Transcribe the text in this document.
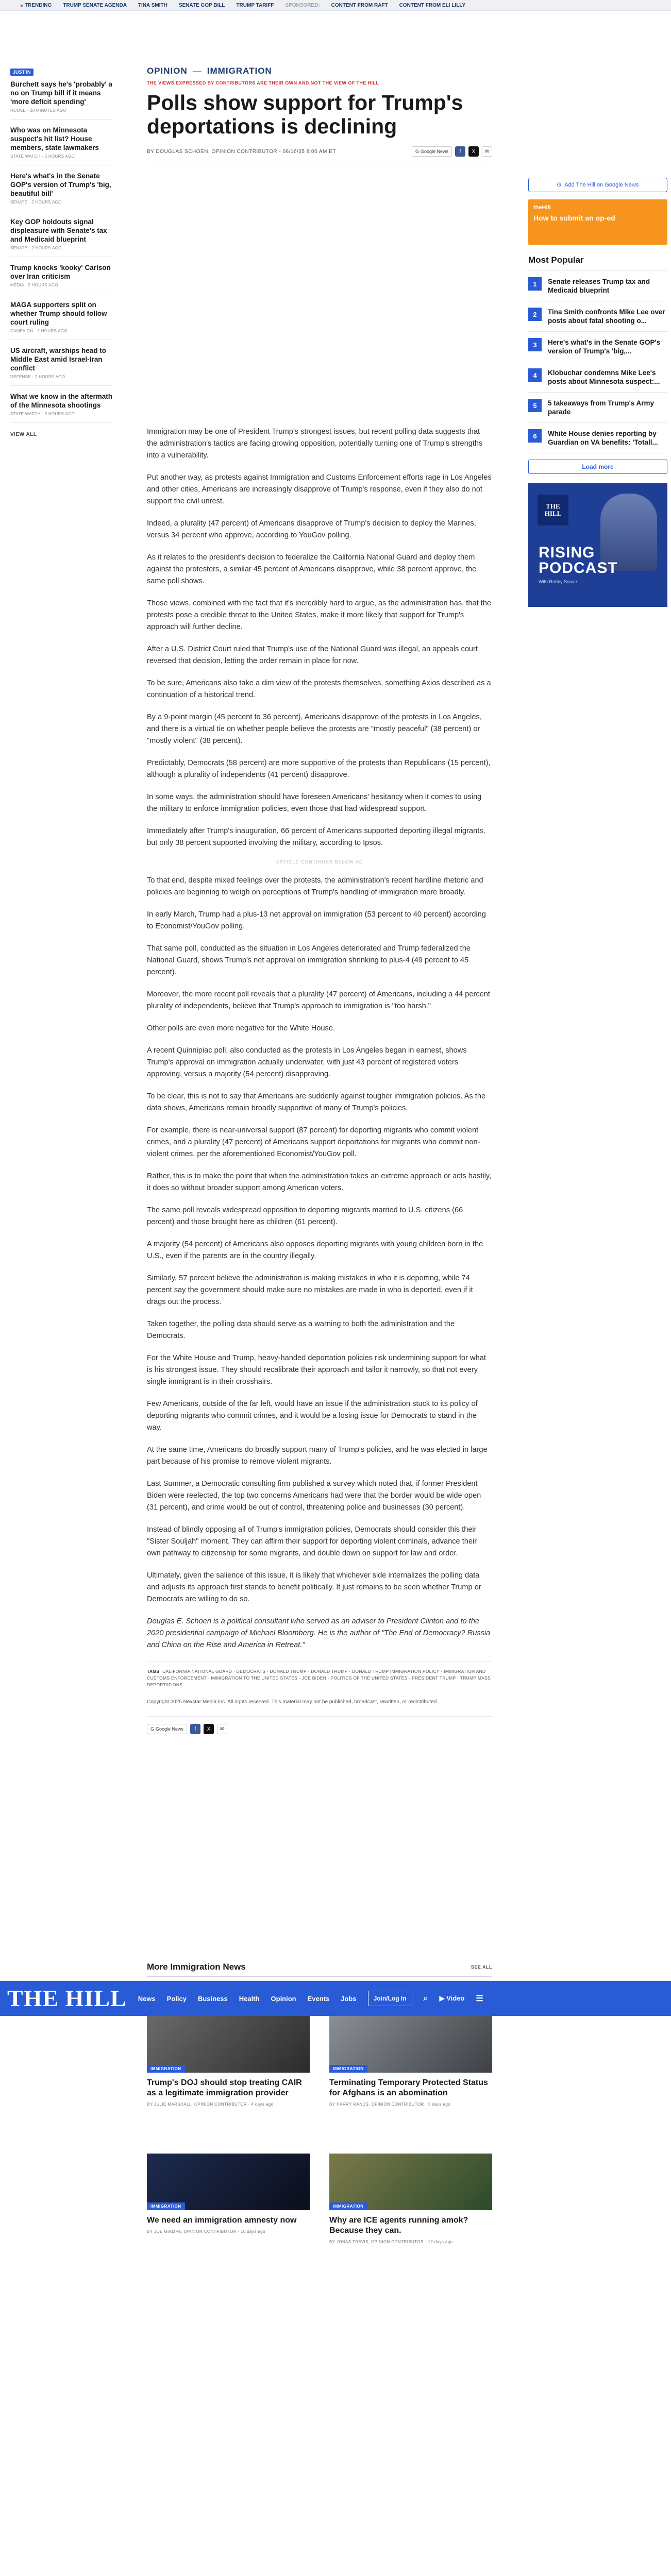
TRENDING TRUMP SENATE AGENDA TINA SMITH SENATE GOP BILL TRUMP TARIFF SPONSORED: CONTENT FROM RAFT CONTENT FROM ELI LILLY
JUST IN
Burchett says he's 'probably' a no on Trump bill if it means 'more deficit spending'
HOUSE · 20 MINUTES AGO
Who was on Minnesota suspect's hit list? House members, state lawmakers
STATE WATCH · 2 HOURS AGO
Here's what's in the Senate GOP's version of Trump's 'big, beautiful bill'
SENATE · 2 HOURS AGO
Key GOP holdouts signal displeasure with Senate's tax and Medicaid blueprint
SENATE · 2 HOURS AGO
Trump knocks 'kooky' Carlson over Iran criticism
MEDIA · 2 HOURS AGO
MAGA supporters split on whether Trump should follow court ruling
CAMPAIGN · 2 HOURS AGO
US aircraft, warships head to Middle East amid Israel-Iran conflict
DEFENSE · 2 HOURS AGO
What we know in the aftermath of the Minnesota shootings
STATE WATCH · 3 HOURS AGO
VIEW ALL
OPINION — IMMIGRATION
THE VIEWS EXPRESSED BY CONTRIBUTORS ARE THEIR OWN AND NOT THE VIEW OF THE HILL
Polls show support for Trump's deportations is declining
BY DOUGLAS SCHOEN, OPINION CONTRIBUTOR - 06/16/25 8:00 AM ET	G Google News f X ✉

Immigration may be one of President Trump's strongest issues, but recent polling data suggests that the administration's tactics are facing growing opposition, potentially turning one of Trump's strengths into a vulnerability.

Put another way, as protests against Immigration and Customs Enforcement efforts rage in Los Angeles and other cities, Americans are increasingly disapprove of Trump's response, even if they also do not support the civil unrest.

Indeed, a plurality (47 percent) of Americans disapprove of Trump's decision to deploy the Marines, versus 34 percent who approve, according to YouGov polling.

As it relates to the president's decision to federalize the California National Guard and deploy them against the protesters, a similar 45 percent of Americans disapprove, while 38 percent approve, the same poll shows.

Those views, combined with the fact that it's incredibly hard to argue, as the administration has, that the protests pose a credible threat to the United States, make it more likely that support for Trump's approach will further decline.

After a U.S. District Court ruled that Trump's use of the National Guard was illegal, an appeals court reversed that decision, letting the order remain in place for now.

To be sure, Americans also take a dim view of the protests themselves, something Axios described as a continuation of a historical trend.

By a 9-point margin (45 percent to 36 percent), Americans disapprove of the protests in Los Angeles, and there is a virtual tie on whether people believe the protests are "mostly peaceful" (38 percent) or "mostly violent" (38 percent).

Predictably, Democrats (58 percent) are more supportive of the protests than Republicans (15 percent), although a plurality of independents (41 percent) disapprove.

In some ways, the administration should have foreseen Americans' hesitancy when it comes to using the military to enforce immigration policies, even those that had widespread support.

Immediately after Trump's inauguration, 66 percent of Americans supported deporting illegal migrants, but only 38 percent supported involving the military, according to Ipsos.

ARTICLE CONTINUES BELOW AD

To that end, despite mixed feelings over the protests, the administration's recent hardline rhetoric and policies are beginning to weigh on perceptions of Trump's handling of immigration more broadly.

In early March, Trump had a plus-13 net approval on immigration (53 percent to 40 percent) according to Economist/YouGov polling.

That same poll, conducted as the situation in Los Angeles deteriorated and Trump federalized the National Guard, shows Trump's net approval on immigration shrinking to plus-4 (49 percent to 45 percent).

Moreover, the more recent poll reveals that a plurality (47 percent) of Americans, including a 44 percent plurality of independents, believe that Trump's approach to immigration is "too harsh."

Other polls are even more negative for the White House.

A recent Quinnipiac poll, also conducted as the protests in Los Angeles began in earnest, shows Trump's approval on immigration actually underwater, with just 43 percent of registered voters approving, versus a majority (54 percent) disapproving.

To be clear, this is not to say that Americans are suddenly against tougher immigration policies. As the data shows, Americans remain broadly supportive of many of Trump's policies.

For example, there is near-universal support (87 percent) for deporting migrants who commit violent crimes, and a plurality (47 percent) of Americans support deportations for migrants who commit non-violent crimes, per the aforementioned Economist/YouGov poll.

Rather, this is to make the point that when the administration takes an extreme approach or acts hastily, it does so without broader support among American voters.

The same poll reveals widespread opposition to deporting migrants married to U.S. citizens (66 percent) and those brought here as children (61 percent).

A majority (54 percent) of Americans also opposes deporting migrants with young children born in the U.S., even if the parents are in the country illegally.

Similarly, 57 percent believe the administration is making mistakes in who it is deporting, while 74 percent say the government should make sure no mistakes are made in who is deported, even if it drags out the process.

Taken together, the polling data should serve as a warning to both the administration and the Democrats.

For the White House and Trump, heavy-handed deportation policies risk undermining support for what is his strongest issue. They should recalibrate their approach and tailor it narrowly, so that not every single immigrant is in their crosshairs.

Few Americans, outside of the far left, would have an issue if the administration stuck to its policy of deporting migrants who commit crimes, and it would be a losing issue for Democrats to stand in the way.

At the same time, Americans do broadly support many of Trump's policies, and he was elected in large part because of his promise to remove violent migrants.

Last Summer, a Democratic consulting firm published a survey which noted that, if former President Biden were reelected, the top two concerns Americans had were that the border would be wide open (31 percent), and crime would be out of control, threatening police and businesses (30 percent).

Instead of blindly opposing all of Trump's immigration policies, Democrats should consider this their "Sister Souljah" moment. They can affirm their support for deporting violent criminals, advance their own pathway to citizenship for some migrants, and double down on support for law and order.

Ultimately, given the salience of this issue, it is likely that whichever side internalizes the polling data and adjusts its approach first stands to benefit politically. It just remains to be seen whether Trump or Democrats are willing to do so.

Douglas E. Schoen is a political consultant who served as an adviser to President Clinton and to the 2020 presidential campaign of Michael Bloomberg. He is the author of "The End of Democracy? Russia and China on the Rise and America in Retreat."

TAGS CALIFORNIA NATIONAL GUARD · DEMOCRATS · DONALD TRUMP · DONALD TRUMP · DONALD TRUMP IMMIGRATION POLICY · IMMIGRATION AND CUSTOMS ENFORCEMENT · IMMIGRATION TO THE UNITED STATES · JOE BIDEN · POLITICS OF THE UNITED STATES · PRESIDENT TRUMP · TRUMP MASS DEPORTATIONS
Copyright 2025 Nexstar Media Inc. All rights reserved. This material may not be published, broadcast, rewritten, or redistributed.
G Google News f X ✉
G Add The Hill on Google News
theHill
How to submit an op-ed
Most Popular
1	Senate releases Trump tax and Medicaid blueprint
2	Tina Smith confronts Mike Lee over posts about fatal shooting o...
3	Here's what's in the Senate GOP's version of Trump's 'big,...
4	Klobuchar condemns Mike Lee's posts about Minnesota suspect:...
5	5 takeaways from Trump's Army parade
6	White House denies reporting by Guardian on VA benefits: 'Totall...
Load more
THE HILL
RISING PODCAST
With Robby Soave
More Immigration News	SEE ALL
THE HILL News Policy Business Health Opinion Events Jobs	Join/Log In	⌕ ▶ Video ☰
IMMIGRATION
Trump's DOJ should stop treating CAIR as a legitimate immigration provider
BY JULIE MARSHALL, OPINION CONTRIBUTOR · 4 days ago
IMMIGRATION
Terminating Temporary Protected Status for Afghans is an abomination
BY HARRY RANDS, OPINION CONTRIBUTOR · 5 days ago
IMMIGRATION
We need an immigration amnesty now
BY JOE GIAMPA, OPINION CONTRIBUTOR · 10 days ago
IMMIGRATION
Why are ICE agents running amok? Because they can.
BY JONAS TRAVIS, OPINION CONTRIBUTOR · 12 days ago
